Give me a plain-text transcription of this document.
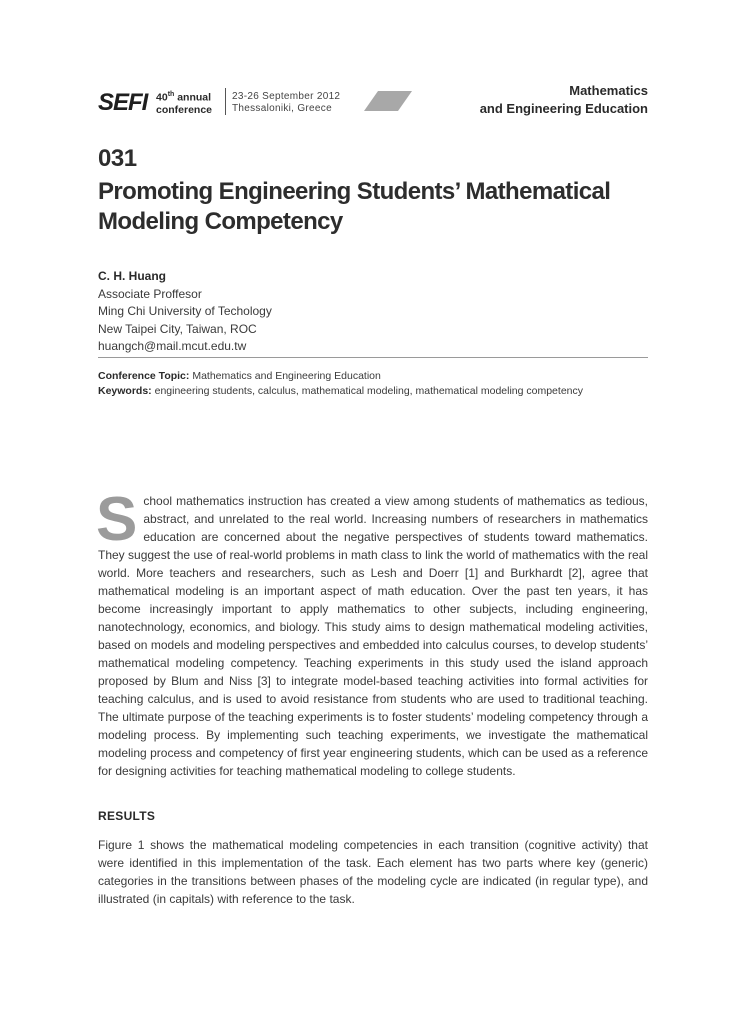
SEFI 40th annual
conference
23-26 September 2012
Thessaloniki, Greece
Mathematics
and Engineering Education
031
Promoting Engineering Students’ Mathematical Modeling Competency
C. H. Huang
Associate Proffesor
Ming Chi University of Techology
New Taipei City, Taiwan, ROC
huangch@mail.mcut.edu.tw
Conference Topic: Mathematics and Engineering Education
Keywords: engineering students, calculus, mathematical modeling, mathematical modeling competency
S chool mathematics instruction has created a view among students of mathematics as tedious, abstract, and unrelated to the real world. Increasing numbers of researchers in mathematics education are concerned about the negative perspectives of students toward mathematics. They suggest the use of real-world problems in math class to link the world of mathematics with the real world. More teachers and researchers, such as Lesh and Doerr [1] and Burkhardt [2], agree that mathematical modeling is an important aspect of math education. Over the past ten years, it has become increasingly important to apply mathematics to other subjects, including engineering, nanotechnology, economics, and biology. This study aims to design mathematical modeling activities, based on models and modeling perspectives and embedded into calculus courses, to develop students’ mathematical modeling competency. Teaching experiments in this study used the island approach proposed by Blum and Niss [3] to integrate model-based teaching activities into formal activities for teaching calculus, and is used to avoid resistance from students who are used to traditional teaching. The ultimate purpose of the teaching experiments is to foster students’ modeling competency through a modeling process. By implementing such teaching experiments, we investigate the mathematical modeling process and competency of first year engineering students, which can be used as a reference for designing activities for teaching mathematical modeling to college students.
RESULTS
Figure 1 shows the mathematical modeling competencies in each transition (cognitive activity) that were identified in this implementation of the task. Each element has two parts where key (generic) categories in the transitions between phases of the modeling cycle are indicated (in regular type), and illustrated (in capitals) with reference to the task.
